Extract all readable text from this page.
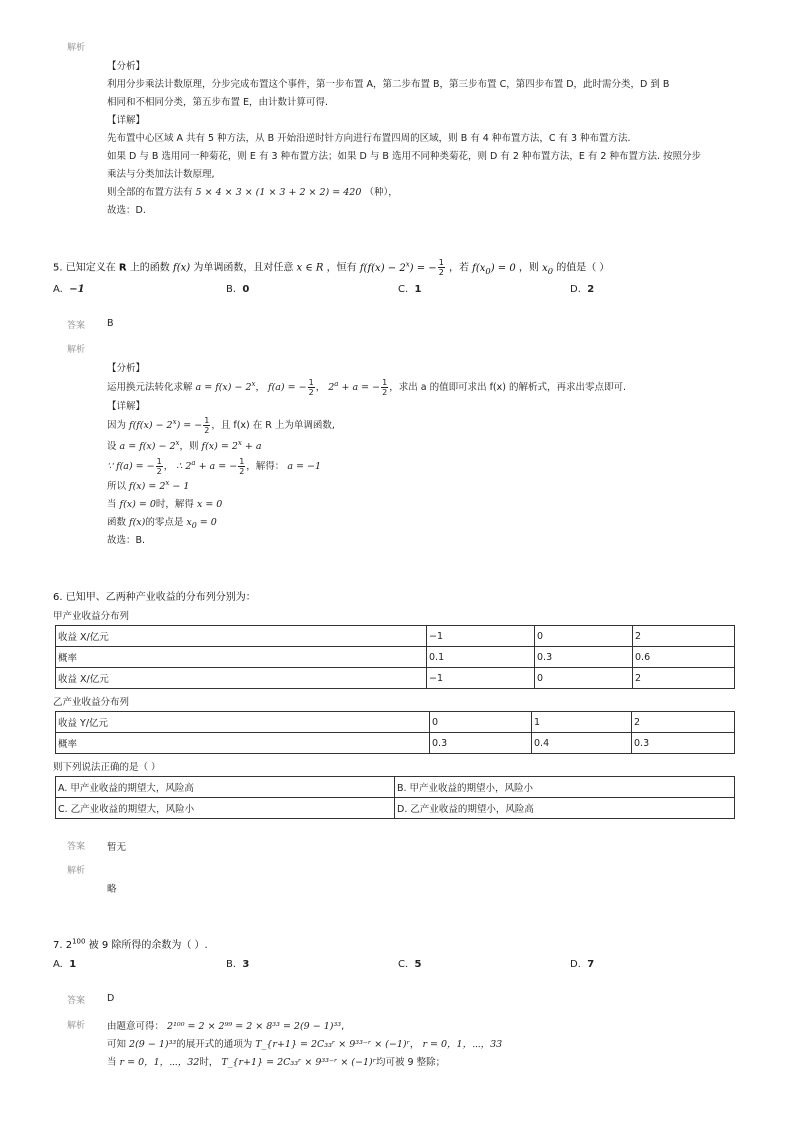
解析
【分析】
利用分步乘法计数原理，分步完成布置这个事件，第一步布置 A，第二步布置 B，第三步布置 C，第四步布置 D，此时需分类，D 到 B
相同和不相同分类，第五步布置 E，由计数计算可得.
【详解】
先布置中心区域 A 共有 5 种方法，从 B 开始沿逆时针方向进行布置四周的区域，则 B 有 4 种布置方法，C 有 3 种布置方法.
如果 D 与 B 选用同一种菊花，则 E 有 3 种布置方法；如果 D 与 B 选用不同种类菊花，则 D 有 2 种布置方法，E 有 2 种布置方法. 按照分步
乘法与分类加法计数原理,
则全部的布置方法有 5 × 4 × 3 × (1 × 3 + 2 × 2) = 420 （种），
故选：D.
5. 已知定义在 R 上的函数 f(x) 为单调函数，且对任意 x ∈ R ，恒有 $f(f(x) - 2^x)$ = − $\frac{1}{2}$ ，若 $f(x_0) = 0$ ，则 $x_0$ 的值是（ ）
A. −1	B. 0	C. 1	D. 2
答案 B
解析
【分析】
运用换元法转化求解 $a = f(x) - 2^x$， f(a) = − $\frac{1}{2}$ ， $2^a + a$ = − $\frac{1}{2}$ ，求出 a 的值即可求出 f(x) 的解析式，再求出零点即可.
【详解】
因为 $f(f(x) - 2^x)$ = − $\frac{1}{2}$ ，且 f(x) 在 R 上为单调函数,
设 $a = f(x) - 2^x$，则 $f(x) = 2^x + a$
∵ f(a) = − $\frac{1}{2}$ ， ∴ $2^a + a$ = − $\frac{1}{2}$ ，解得： a = −1
所以 $f(x) = 2^x - 1$
当 f(x) = 0时，解得 x = 0
函数 f(x)的零点是 $x_0 = 0$
故选：B.
6. 已知甲、乙两种产业收益的分布列分别为：
甲产业收益分布列
收益 X/亿元	−1	0	2
概率	0.1	0.3	0.6
收益 X/亿元	−1	0	2
乙产业收益分布列
收益 Y/亿元	0	1	2
概率	0.3	0.4	0.3
则下列说法正确的是（ ）
A. 甲产业收益的期望大，风险高	B. 甲产业收益的期望小，风险小
C. 乙产业收益的期望大，风险小	D. 乙产业收益的期望小，风险高
答案 暂无
解析
略
7. $2^{100}$ 被 9 除所得的余数为（ ）.
A. 1	B. 3	C. 5	D. 7
答案 D
解析 由题意可得： 2¹⁰⁰ = 2 × 2⁹⁹ = 2 × 8³³ = 2(9 − 1)³³,
可知 2(9 − 1)³³的展开式的通项为 T_{r+1} = 2C₃₃ʳ × 9³³⁻ʳ × (−1)ʳ， r = 0，1，⋯，33
当 r = 0，1，⋯，32时， T_{r+1} = 2C₃₃ʳ × 9³³⁻ʳ × (−1)ʳ均可被 9 整除；
